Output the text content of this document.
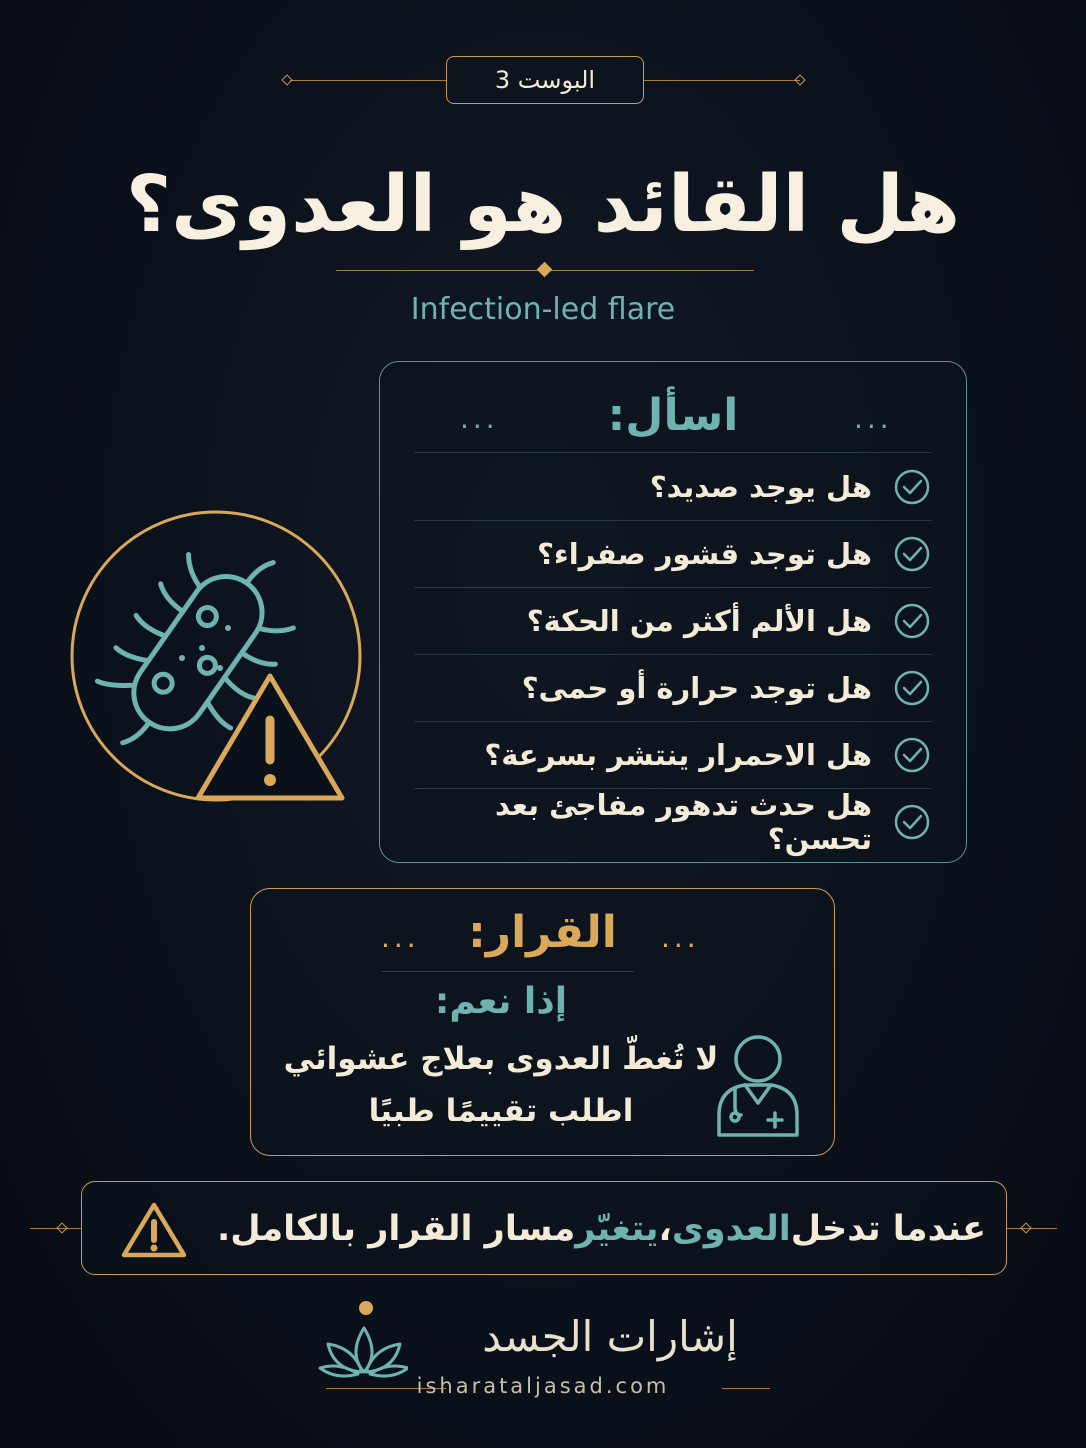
البوست 3
هل القائد هو العدوى؟
Infection-led flare
اسأل:
...	...
هل يوجد صديد؟
هل توجد قشور صفراء؟
هل الألم أكثر من الحكة؟
هل توجد حرارة أو حمى؟
هل الاحمرار ينتشر بسرعة؟
هل حدث تدهور مفاجئ بعد تحسن؟
القرار:
...	...
إذا نعم:
لا تُغطّ العدوى بعلاج عشوائي
اطلب تقييمًا طبيًا
عندما تدخل
العدوى
،
يتغيّر
مسار القرار بالكامل.
إشارات الجسد
isharataljasad.com
